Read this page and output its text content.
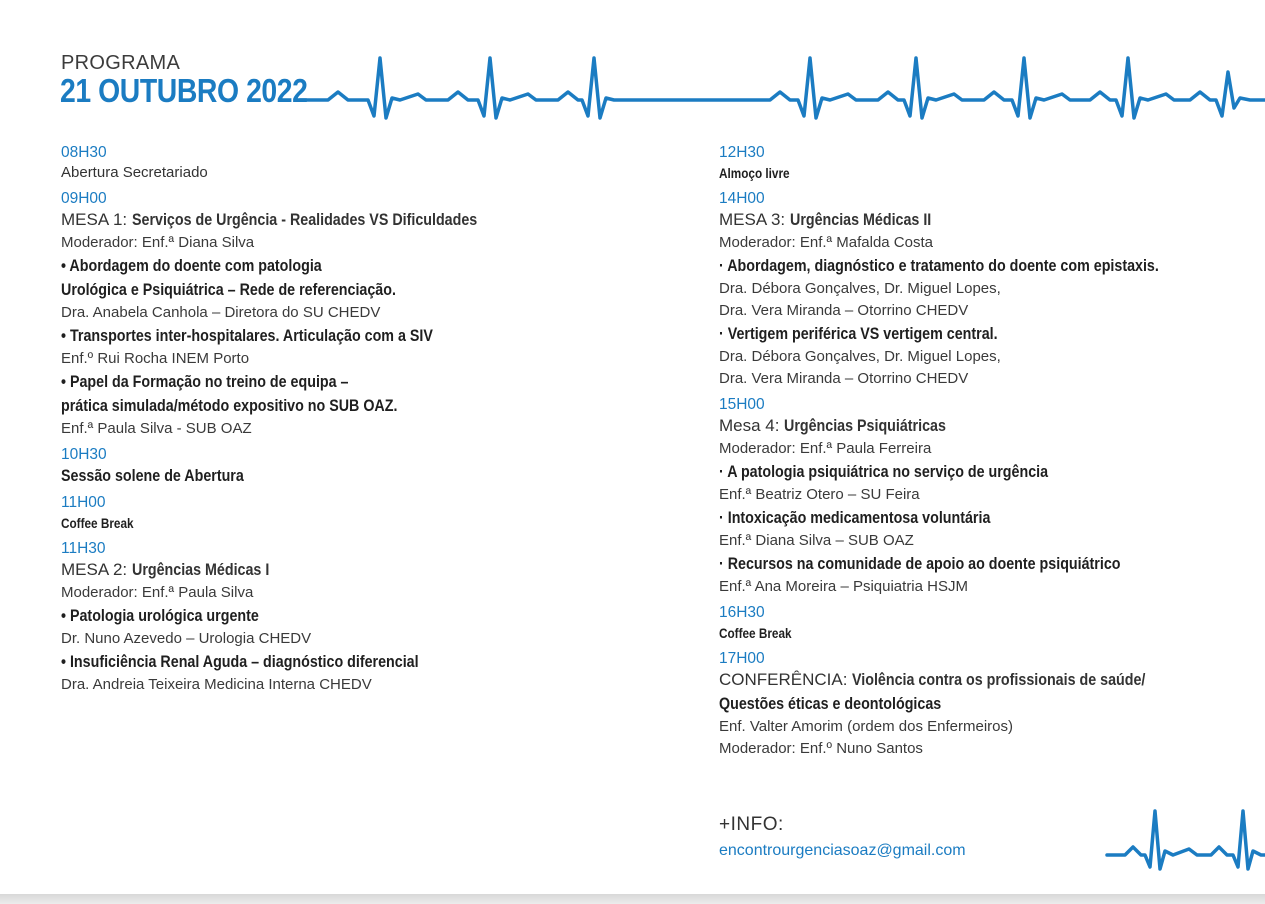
PROGRAMA
21 OUTUBRO 2022
08H30
Abertura Secretariado
09H00
MESA 1: Serviços de Urgência - Realidades VS Dificuldades
Moderador: Enf.ª Diana Silva
• Abordagem do doente com patologia
Urológica e Psiquiátrica – Rede de referenciação.
Dra. Anabela Canhola – Diretora do SU CHEDV
• Transportes inter-hospitalares. Articulação com a SIV
Enf.º Rui Rocha INEM Porto
• Papel da Formação no treino de equipa –
prática simulada/método expositivo no SUB OAZ.
Enf.ª Paula Silva - SUB OAZ
10H30
Sessão solene de Abertura
11H00
Coffee Break
11H30
MESA 2: Urgências Médicas I
Moderador: Enf.ª Paula Silva
• Patologia urológica urgente
Dr. Nuno Azevedo – Urologia CHEDV
• Insuficiência Renal Aguda – diagnóstico diferencial
Dra. Andreia Teixeira Medicina Interna CHEDV
12H30
Almoço livre
14H00
MESA 3: Urgências Médicas II
Moderador: Enf.ª Mafalda Costa
· Abordagem, diagnóstico e tratamento do doente com epistaxis.
Dra. Débora Gonçalves, Dr. Miguel Lopes,
Dra. Vera Miranda – Otorrino CHEDV
· Vertigem periférica VS vertigem central.
Dra. Débora Gonçalves, Dr. Miguel Lopes,
Dra. Vera Miranda – Otorrino CHEDV
15H00
Mesa 4: Urgências Psiquiátricas
Moderador: Enf.ª Paula Ferreira
· A patologia psiquiátrica no serviço de urgência
Enf.ª Beatriz Otero – SU Feira
· Intoxicação medicamentosa voluntária
Enf.ª Diana Silva – SUB OAZ
· Recursos na comunidade de apoio ao doente psiquiátrico
Enf.ª Ana Moreira – Psiquiatria HSJM
16H30
Coffee Break
17H00
CONFERÊNCIA: Violência contra os profissionais de saúde/
Questões éticas e deontológicas
Enf. Valter Amorim (ordem dos Enfermeiros)
Moderador: Enf.º Nuno Santos
+INFO:
encontrourgenciasoaz@gmail.com
